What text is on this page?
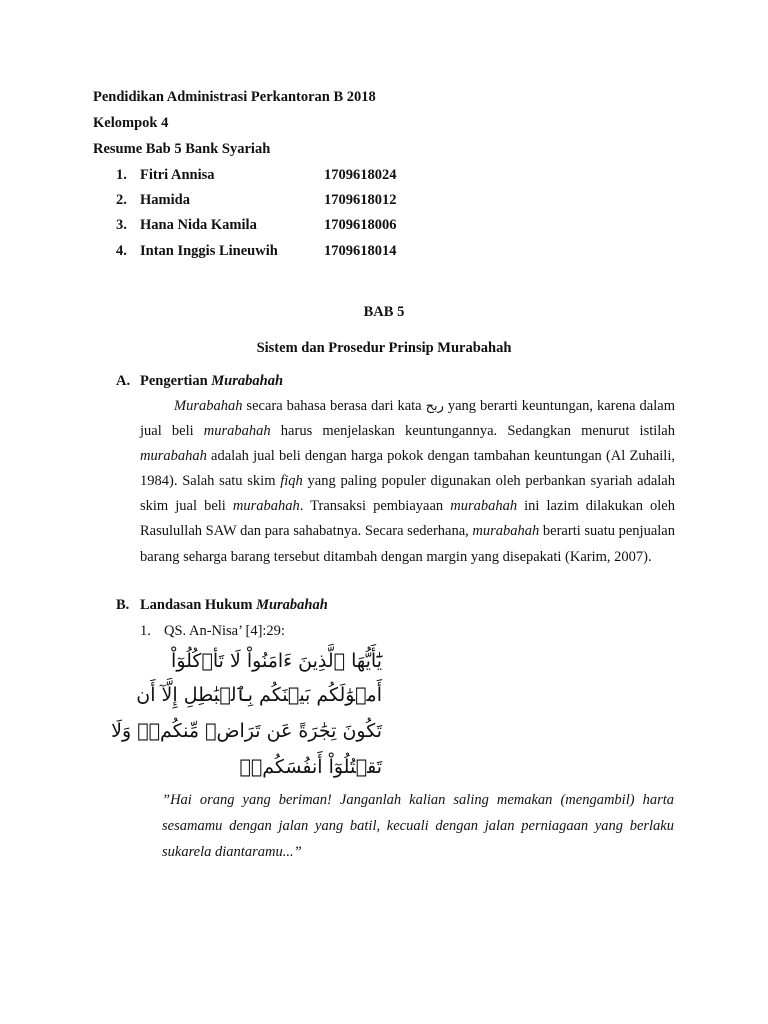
Pendidikan Administrasi Perkantoran B 2018
Kelompok 4
Resume Bab 5 Bank Syariah
1. Fitri Annisa	1709618024
2. Hamida	1709618012
3. Hana Nida Kamila	1709618006
4. Intan Inggis Lineuwih	1709618014
BAB 5
Sistem dan Prosedur Prinsip Murabahah
A. Pengertian Murabahah

Murabahah secara bahasa berasa dari kata ربح yang berarti keuntungan, karena dalam jual beli murabahah harus menjelaskan keuntungannya. Sedangkan menurut istilah murabahah adalah jual beli dengan harga pokok dengan tambahan keuntungan (Al Zuhaili, 1984). Salah satu skim fiqh yang paling populer digunakan oleh perbankan syariah adalah skim jual beli murabahah. Transaksi pembiayaan murabahah ini lazim dilakukan oleh Rasulullah SAW dan para sahabatnya. Secara sederhana, murabahah berarti suatu penjualan barang seharga barang tersebut ditambah dengan margin yang disepakati (Karim, 2007).

B. Landasan Hukum Murabahah
1. QS. An-Nisa’ [4]:29:
يَٰٓأَيُّهَا ٱلَّذِينَ ءَامَنُواْ لَا تَأۡكُلُوٓاْ
أَمۡوَٰلَكُم بَيۡنَكُم بِٱلۡبَٰطِلِ إِلَّآ أَن
تَكُونَ تِجَٰرَةً عَن تَرَاضٖ مِّنكُمۡۚ وَلَا
تَقۡتُلُوٓاْ أَنفُسَكُمۡۚ

”Hai orang yang beriman! Janganlah kalian saling memakan (mengambil) harta sesamamu dengan jalan yang batil, kecuali dengan jalan perniagaan yang berlaku sukarela diantaramu...”
